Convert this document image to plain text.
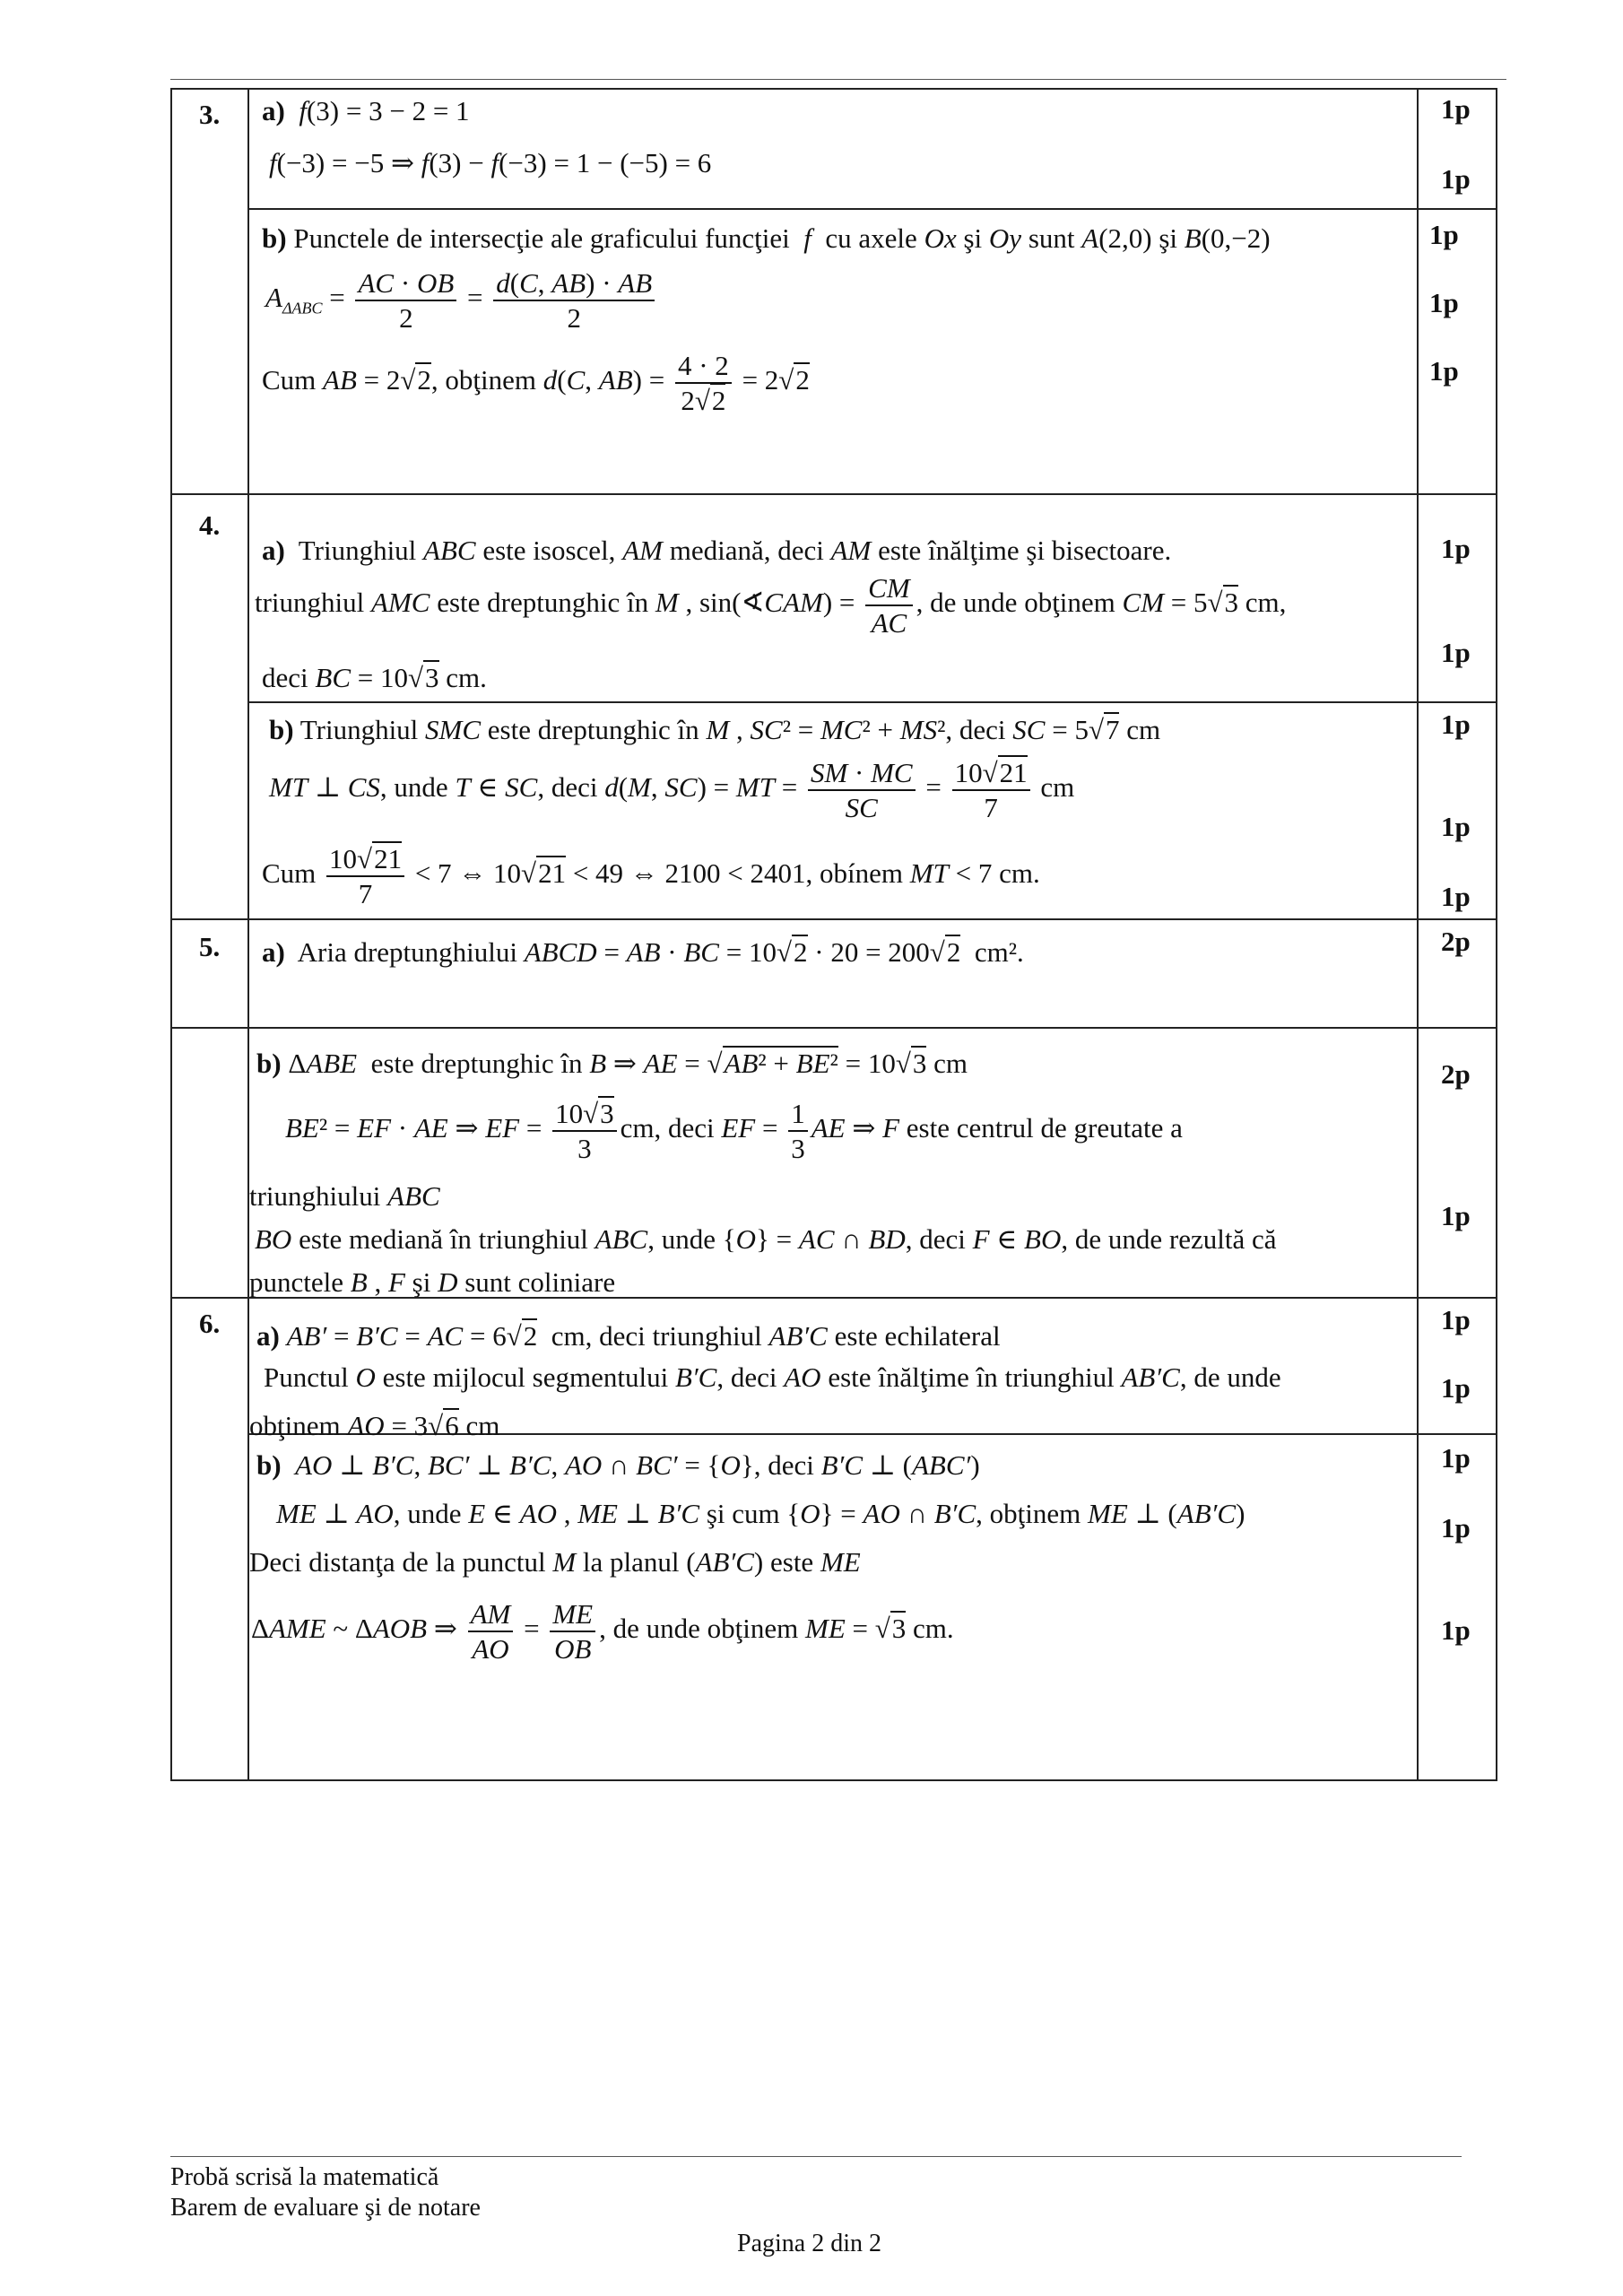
3.
4.
5.
6.
1p
1p
1p
1p
1p
1p
1p
1p
1p
1p
2p
2p
1p
1p
1p
1p
1p
1p
a) f(3) = 3 − 2 = 1
f(−3) = −5 ⇒ f(3) − f(−3) = 1 − (−5) = 6
b) Punctele de intersecţie ale graficului funcţiei f cu axele Ox şi Oy sunt A(2,0) şi B(0,−2)
$A_{\Delta ABC} = \frac{AC \cdot OB}{2} = \frac{d(C, AB) \cdot AB}{2}$
Cum AB = 2√2, obţinem d(C, $AB) = \frac{4 \cdot 2}{2√2} = 2√2$
a) Triunghiul ABC este isoscel, AM mediană, deci AM este înălţime şi bisectoare.
triunghiul AMC este dreptunghic în M , sin(∢CAM) = $\frac{CM}{AC}$ , de unde obţinem CM = 5√3 cm,
deci BC = 10√3 cm.
b) Triunghiul SMC este dreptunghic în M , SC² = MC² + MS², deci SC = 5√7 cm
MT ⊥ CS, unde T ∈ SC, deci d(M, SC) = MT = $\frac{SM \cdot MC}{SC} = \frac{10√21}{7}$ cm
Cum $\frac{10√21}{7} < 7$ ⇔ 10√21 < 49 ⇔ 2100 < 2401, obínem MT < 7 cm.
a) Aria dreptunghiului ABCD = AB · BC = 10√2 · 20 = 200√2  cm².
b) ΔABE este dreptunghic în B ⇒ AE = √AB² + BE² = 10√3 cm
BE² = EF · AE ⇒ EF = $\frac{10√3}{3}$ cm, deci EF = $\frac{1}{3}$ AE ⇒ F este centrul de greutate a
triunghiului ABC
BO este mediană în triunghiul ABC, unde {O} = AC ∩ BD, deci F ∈ BO, de unde rezultă că
punctele B , F şi D sunt coliniare
a) AB′ = B′C = AC = 6√2 cm, deci triunghiul AB′C este echilateral
Punctul O este mijlocul segmentului B′C, deci AO este înălţime în triunghiul AB′C, de unde
obţinem AO = 3√6 cm
b) AO ⊥ B′C, BC′ ⊥ B′C, AO ∩ BC′ = {O}, deci B′C ⊥ (ABC′)
ME ⊥ AO, unde E ∈ AO , ME ⊥ B′C şi cum {O} = AO ∩ B′C, obţinem ME ⊥ (AB′C)
Deci distanţa de la punctul M la planul (AB′C) este ME
ΔAME ~ ΔAOB ⇒ $\frac{AM}{AO} = \frac{ME}{OB}$ , de unde obţinem ME = √3 cm.
Probă scrisă la matematică
Barem de evaluare şi de notare
Pagina 2 din 2
